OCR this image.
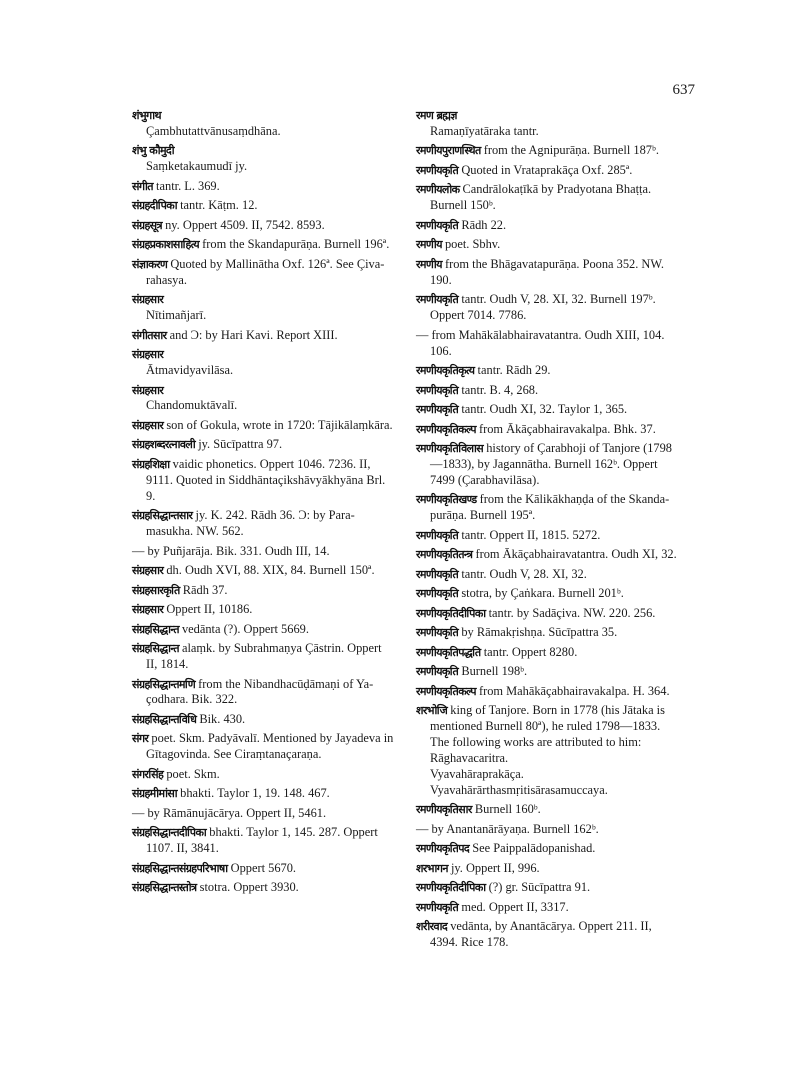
637
शंभुगाथ
Çambhutattvānusaṃdhāna.
शंभु कौमुदी
Saṃketakaumudī jy.
संगीत tantr. L. 369.
संग्रहदीपिका tantr. Kāṭm. 12.
संग्रहसूत्र ny. Oppert 4509. II, 7542. 8593.
संग्रहप्रकाशसाहित्य from the Skandapurāṇa. Burnell 196ª.
संज्ञाकरण Quoted by Mallinātha Oxf. 126ª. See Çiva-rahasya.
संग्रहसार
Nītimañjarī.
संगीतसार and Ɔ: by Hari Kavi. Report XIII.
संग्रहसार
Ātmavidyavilāsa.
संग्रहसार
Chandomuktāvalī.
संग्रहसार son of Gokula, wrote in 1720: Tājikālaṃkāra.
संग्रहशब्दरत्नावली jy. Sūcīpattra 97.
संग्रहशिक्षा vaidic phonetics. Oppert 1046. 7236. II, 9111. Quoted in Siddhāntaçikshāvyākhyāna Brl. 9.
संग्रहसिद्धान्तसार jy. K. 242. Rādh 36. Ɔ: by Para-masukha. NW. 562.
— by Puñjarāja. Bik. 331. Oudh III, 14.
संग्रहसार dh. Oudh XVI, 88. XIX, 84. Burnell 150ª.
संग्रहसारकृति Rādh 37.
संग्रहसार Oppert II, 10186.
संग्रहसिद्धान्त vedānta (?). Oppert 5669.
संग्रहसिद्धान्त alaṃk. by Subrahmaṇya Çāstrin. Oppert II, 1814.
संग्रहसिद्धान्तमणि from the Nibandhacūḍāmaṇi of Ya-çodhara. Bik. 322.
संग्रहसिद्धान्तविधि Bik. 430.
संगर poet. Skm. Padyāvalī. Mentioned by Jayadeva in Gītagovinda. See Ciraṃtanaçaraṇa.
संगरसिंह poet. Skm.
संग्रहमीमांसा bhakti. Taylor 1, 19. 148. 467.
— by Rāmānujācārya. Oppert II, 5461.
संग्रहसिद्धान्तदीपिका bhakti. Taylor 1, 145. 287. Oppert 1107. II, 3841.
संग्रहसिद्धान्तसंग्रहपरिभाषा Oppert 5670.
संग्रहसिद्धान्तस्तोत्र stotra. Oppert 3930.
रमण ब्रह्मज्ञ
Ramaṇīyatāraka tantr.
रमणीयपुराणस्थित from the Agnipurāṇa. Burnell 187ᵇ.
रमणीयकृति Quoted in Vrataprakāça Oxf. 285ª.
रमणीयलोक Candrālokaṭīkā by Pradyotana Bhaṭṭa. Burnell 150ᵇ.
रमणीयकृति Rādh 22.
रमणीय poet. Sbhv.
रमणीय from the Bhāgavatapurāṇa. Poona 352. NW. 190.
रमणीयकृति tantr. Oudh V, 28. XI, 32. Burnell 197ᵇ. Oppert 7014. 7786.
— from Mahākālabhairavatantra. Oudh XIII, 104. 106.
रमणीयकृतिकृत्य tantr. Rādh 29.
रमणीयकृति tantr. B. 4, 268.
रमणीयकृति tantr. Oudh XI, 32. Taylor 1, 365.
रमणीयकृतिकल्प from Ākāçabhairavakalpa. Bhk. 37.
रमणीयकृतिविलास history of Çarabhoji of Tanjore (1798—1833), by Jagannātha. Burnell 162ᵇ. Oppert 7499 (Çarabhavilāsa).
रमणीयकृतिखण्ड from the Kālikākhaṇḍa of the Skanda-purāṇa. Burnell 195ª.
रमणीयकृति tantr. Oppert II, 1815. 5272.
रमणीयकृतितन्त्र from Ākāçabhairavatantra. Oudh XI, 32.
रमणीयकृति tantr. Oudh V, 28. XI, 32.
रमणीयकृति stotra, by Çaṅkara. Burnell 201ᵇ.
रमणीयकृतिदीपिका tantr. by Sadāçiva. NW. 220. 256.
रमणीयकृति by Rāmakṛishṇa. Sūcīpattra 35.
रमणीयकृतिपद्धति tantr. Oppert 8280.
रमणीयकृति Burnell 198ᵇ.
रमणीयकृतिकल्प from Mahākāçabhairavakalpa. H. 364.
शरभोजि king of Tanjore. Born in 1778 (his Jātaka is mentioned Burnell 80ª), he ruled 1798—1833. The following works are attributed to him:
Rāghavacaritra.
Vyavahāraprakāça.
Vyavahārārthasmṛitisārasamuccaya.
रमणीयकृतिसार Burnell 160ᵇ.
— by Anantanārāyaṇa. Burnell 162ᵇ.
रमणीयकृतिपद See Paippalādopanishad.
शरभागन jy. Oppert II, 996.
रमणीयकृतिदीपिका (?) gr. Sūcīpattra 91.
रमणीयकृति med. Oppert II, 3317.
शरीरवाद vedānta, by Anantācārya. Oppert 211. II, 4394. Rice 178.
